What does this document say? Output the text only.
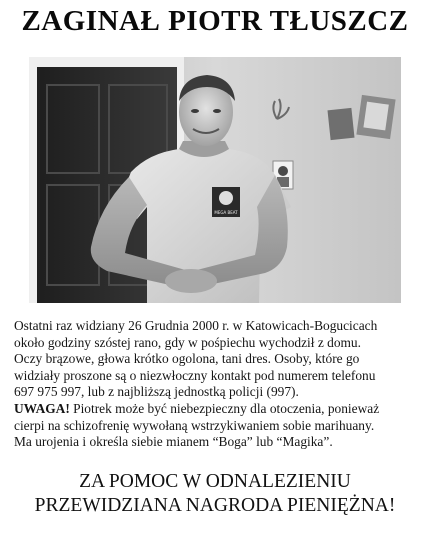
ZAGINAŁ PIOTR TŁUSZCZ
MEGA BEAT

Ostatni raz widziany 26 Grudnia 2000 r. w Katowicach-Bogucicach

około godziny szóstej rano, gdy w pośpiechu wychodził z domu.

Oczy brązowe, głowa krótko ogolona, tani dres. Osoby, które go

widziały proszone są o niezwłoczny kontakt pod numerem telefonu

697 975 997, lub z najbliższą jednostką policji (997).

UWAGA! Piotrek może być niebezpieczny dla otoczenia, ponieważ

cierpi na schizofrenię wywołaną wstrzykiwaniem sobie marihuany.

Ma urojenia i określa siebie mianem “Boga” lub “Magika”.

ZA POMOC W ODNALEZIENIU
PRZEWIDZIANA NAGRODA PIENIĘŻNA!
